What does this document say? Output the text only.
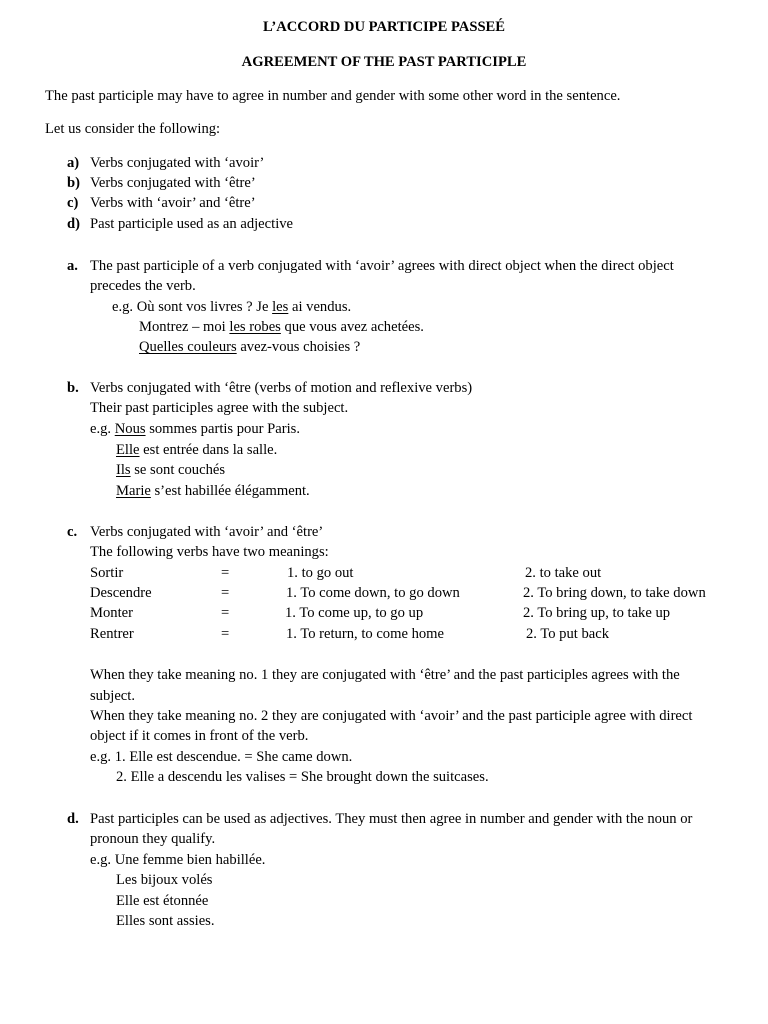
L’ACCORD DU PARTICIPE PASSEÉ
AGREEMENT OF THE PAST PARTICIPLE
The past participle may have to agree in number and gender with some other word in the sentence.
Let us consider the following:
a) Verbs conjugated with ‘avoir’
b) Verbs conjugated with ‘être’
c) Verbs with ‘avoir’ and ‘être’
d) Past participle used as an adjective
a. The past participle of a verb conjugated with ‘avoir’ agrees with direct object when the direct object
precedes the verb.
e.g. Où sont vos livres ? Je les ai vendus.
Montrez – moi les robes que vous avez achetées.
Quelles couleurs avez-vous choisies ?
b. Verbs conjugated with ‘être (verbs of motion and reflexive verbs)
Their past participles agree with the subject.
e.g. Nous sommes partis pour Paris.
Elle est entrée dans la salle.
Ils se sont couchés
Marie s’est habillée élégamment.
c. Verbs conjugated with ‘avoir’ and ‘être’
The following verbs have two meanings:
Sortir	=	1. to go out	2. to take out
Descendre	=	1. To come down, to go down	2. To bring down, to take down
Monter	=	1. To come up, to go up	2. To bring up, to take up
Rentrer	=	1. To return, to come home	2. To put back
When they take meaning no. 1 they are conjugated with ‘être’ and the past participles agrees with the
subject.
When they take meaning no. 2 they are conjugated with ‘avoir’ and the past participle agree with direct
object if it comes in front of the verb.
e.g. 1. Elle est descendue. = She came down.
2. Elle a descendu les valises = She brought down the suitcases.
d. Past participles can be used as adjectives. They must then agree in number and gender with the noun or
pronoun they qualify.
e.g. Une femme bien habillée.
Les bijoux volés
Elle est étonnée
Elles sont assies.
